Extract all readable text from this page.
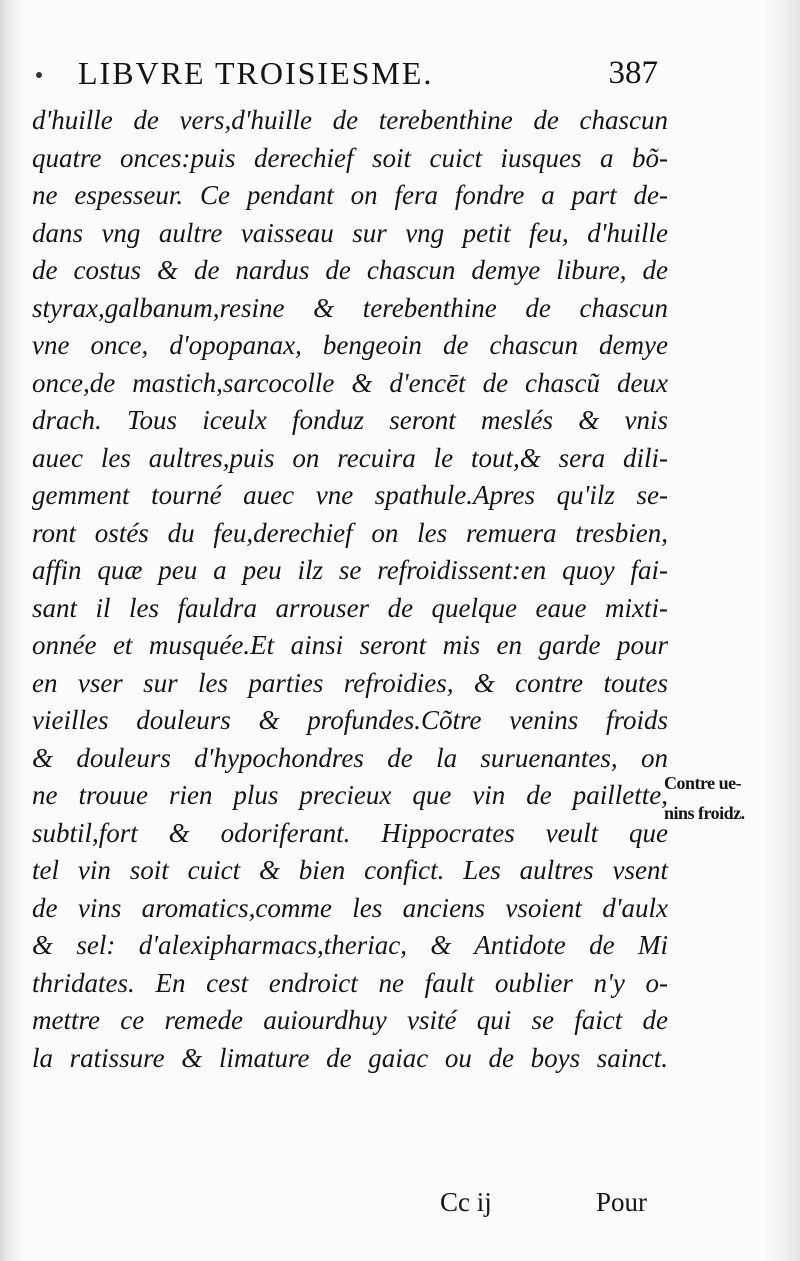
LIBVRE TROISIESME.	387
d'huille de vers,d'huille de terebenthine de chascun
quatre onces:puis derechief soit cuict iusques a bõ-
ne espesseur. Ce pendant on fera fondre a part de-
dans vng aultre vaisseau sur vng petit feu, d'huille
de costus & de nardus de chascun demye libure, de
styrax,galbanum,resine & terebenthine de chascun
vne once, d'opopanax, bengeoin de chascun demye
once,de mastich,sarcocolle & d'encēt de chascũ deux
drach. Tous iceulx fonduz seront meslés & vnis
auec les aultres,puis on recuira le tout,& sera dili-
gemment tourné auec vne spathule.Apres qu'ilz se-
ront ostés du feu,derechief on les remuera tresbien,
affin quæ peu a peu ilz se refroidissent:en quoy fai-
sant il les fauldra arrouser de quelque eaue mixti-
onnée et musquée.Et ainsi seront mis en garde pour
en vser sur les parties refroidies, & contre toutes
vieilles douleurs & profundes.Cõtre venins froids
& douleurs d'hypochondres de la suruenantes, on
ne trouue rien plus precieux que vin de paillette,
subtil,fort & odoriferant. Hippocrates veult que
tel vin soit cuict & bien confict. Les aultres vsent
de vins aromatics,comme les anciens vsoient d'aulx
& sel: d'alexipharmacs,theriac, & Antidote de Mi
thridates. En cest endroict ne fault oublier n'y o-
mettre ce remede auiourdhuy vsité qui se faict de
la ratissure & limature de gaiac ou de boys sainct.
Contre ue-
nins froidz.
Cc ij	Pour
